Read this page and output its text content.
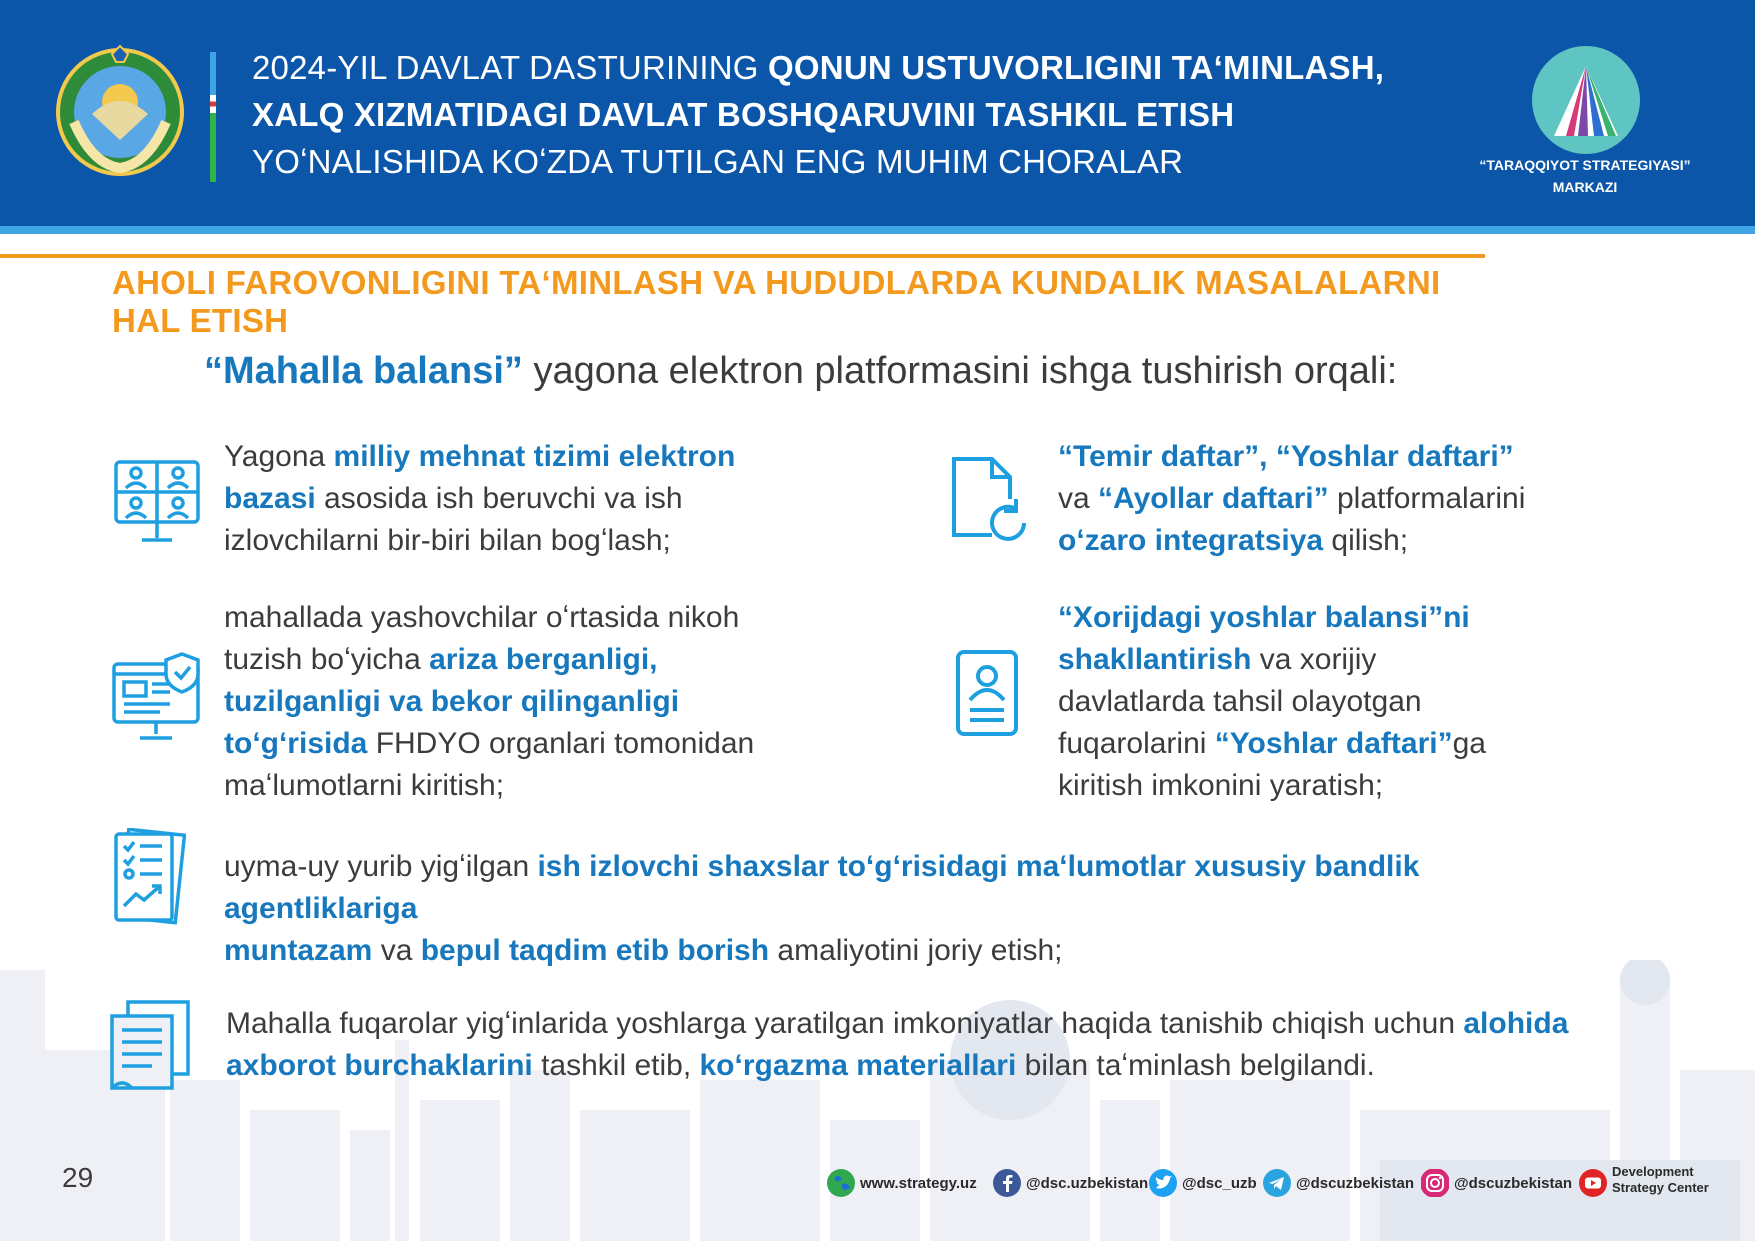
2024-YIL DAVLAT DASTURINING QONUN USTUVORLIGINI TAʻMINLASH,
XALQ XIZMATIDAGI DAVLAT BOSHQARUVINI TASHKIL ETISH
YOʻNALISHIDA KOʻZDA TUTILGAN ENG MUHIM CHORALAR	“TARAQQIYOT STRATEGIYASI”
MARKAZI
AHOLI FAROVONLIGINI TAʻMINLASH VA HUDUDLARDA KUNDALIK MASALALARNI HAL ETISH
“Mahalla balansi” yagona elektron platformasini ishga tushirish orqali:
Yagona milliy mehnat tizimi elektron
bazasi asosida ish beruvchi va ish
izlovchilarni bir-biri bilan bogʻlash;
“Temir daftar”, “Yoshlar daftari”
va “Ayollar daftari” platformalarini
oʻzaro integratsiya qilish;
mahallada yashovchilar oʻrtasida nikoh
tuzish boʻyicha ariza berganligi,
tuzilganligi va bekor qilinganligi
toʻgʻrisida FHDYO organlari tomonidan
maʻlumotlarni kiritish;
“Xorijdagi yoshlar balansi”ni
shakllantirish va xorijiy
davlatlarda tahsil olayotgan
fuqarolarini “Yoshlar daftari”ga
kiritish imkonini yaratish;
uyma-uy yurib yigʻilgan ish izlovchi shaxslar toʻgʻrisidagi maʻlumotlar xususiy bandlik agentliklariga
muntazam va bepul taqdim etib borish amaliyotini joriy etish;
Mahalla fuqarolar yigʻinlarida yoshlarga yaratilgan imkoniyatlar haqida tanishib chiqish uchun alohida
axborot burchaklarini tashkil etib, koʻrgazma materiallari bilan taʻminlash belgilandi.
29	www.strategy.uz	@dsc.uzbekistan @dsc_uzb	@dscuzbekistan	@dscuzbekistan
Development
Strategy Center
